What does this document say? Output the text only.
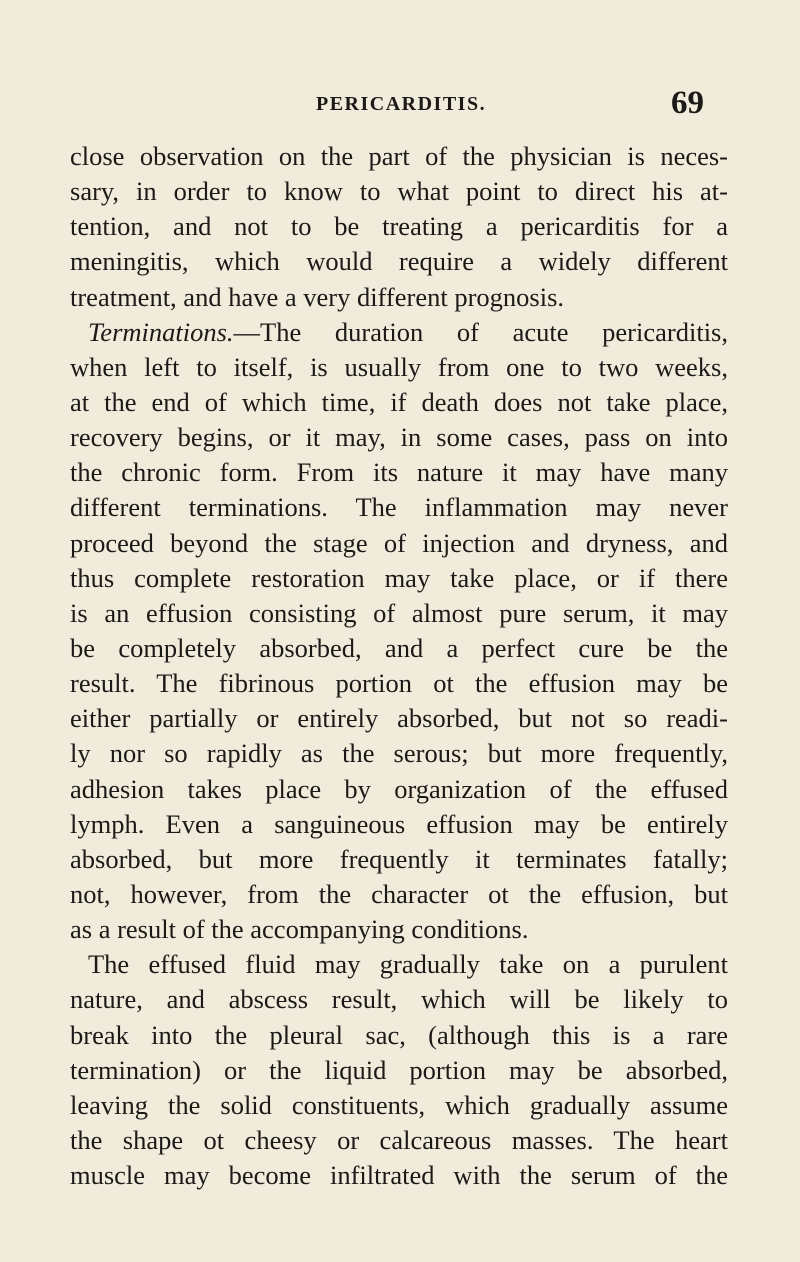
PERICARDITIS.	69
close observation on the part of the physician is neces-
sary, in order to know to what point to direct his at-
tention, and not to be treating a pericarditis for a
meningitis, which would require a widely different
treatment, and have a very different prognosis.
Terminations.—The duration of acute pericarditis,
when left to itself, is usually from one to two weeks,
at the end of which time, if death does not take place,
recovery begins, or it may, in some cases, pass on into
the chronic form. From its nature it may have many
different terminations. The inflammation may never
proceed beyond the stage of injection and dryness, and
thus complete restoration may take place, or if there
is an effusion consisting of almost pure serum, it may
be completely absorbed, and a perfect cure be the
result. The fibrinous portion ot the effusion may be
either partially or entirely absorbed, but not so readi-
ly nor so rapidly as the serous; but more frequently,
adhesion takes place by organization of the effused
lymph. Even a sanguineous effusion may be entirely
absorbed, but more frequently it terminates fatally;
not, however, from the character ot the effusion, but
as a result of the accompanying conditions.
The effused fluid may gradually take on a purulent
nature, and abscess result, which will be likely to
break into the pleural sac, (although this is a rare
termination) or the liquid portion may be absorbed,
leaving the solid constituents, which gradually assume
the shape ot cheesy or calcareous masses. The heart
muscle may become infiltrated with the serum of the
